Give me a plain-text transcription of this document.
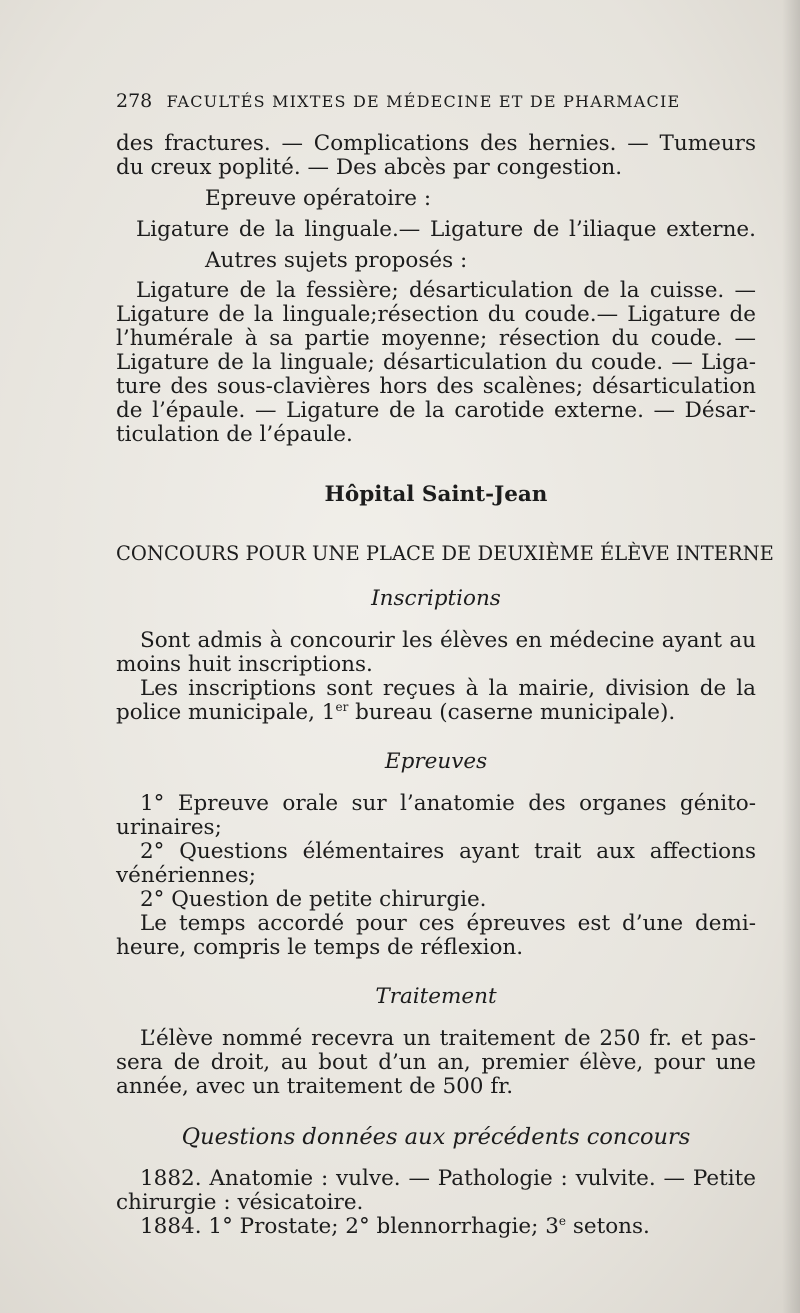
278 FACULTÉS MIXTES DE MÉDECINE ET DE PHARMACIE
des fractures. — Complications des hernies. — Tumeurs
du creux poplité. — Des abcès par congestion.
Epreuve opératoire :
Ligature de la linguale.— Ligature de l’iliaque externe.
Autres sujets proposés :
Ligature de la fessière; désarticulation de la cuisse. —
Ligature de la linguale;résection du coude.— Ligature de
l’humérale à sa partie moyenne; résection du coude. —
Ligature de la linguale; désarticulation du coude. — Liga-
ture des sous-clavières hors des scalènes; désarticulation
de l’épaule. — Ligature de la carotide externe. — Désar-
ticulation de l’épaule.
Hôpital Saint-Jean
CONCOURS POUR UNE PLACE DE DEUXIÈME ÉLÈVE INTERNE
Inscriptions
Sont admis à concourir les élèves en médecine ayant au
moins huit inscriptions.
Les inscriptions sont reçues à la mairie, division de la
police municipale, 1er bureau (caserne municipale).
Epreuves
1° Epreuve orale sur l’anatomie des organes génito-
urinaires;
2° Questions élémentaires ayant trait aux affections
vénériennes;
2° Question de petite chirurgie.
Le temps accordé pour ces épreuves est d’une demi-
heure, compris le temps de réflexion.
Traitement
L’élève nommé recevra un traitement de 250 fr. et pas-
sera de droit, au bout d’un an, premier élève, pour une
année, avec un traitement de 500 fr.
Questions données aux précédents concours
1882. Anatomie : vulve. — Pathologie : vulvite. — Petite
chirurgie : vésicatoire.
1884. 1° Prostate; 2° blennorrhagie; 3e setons.
